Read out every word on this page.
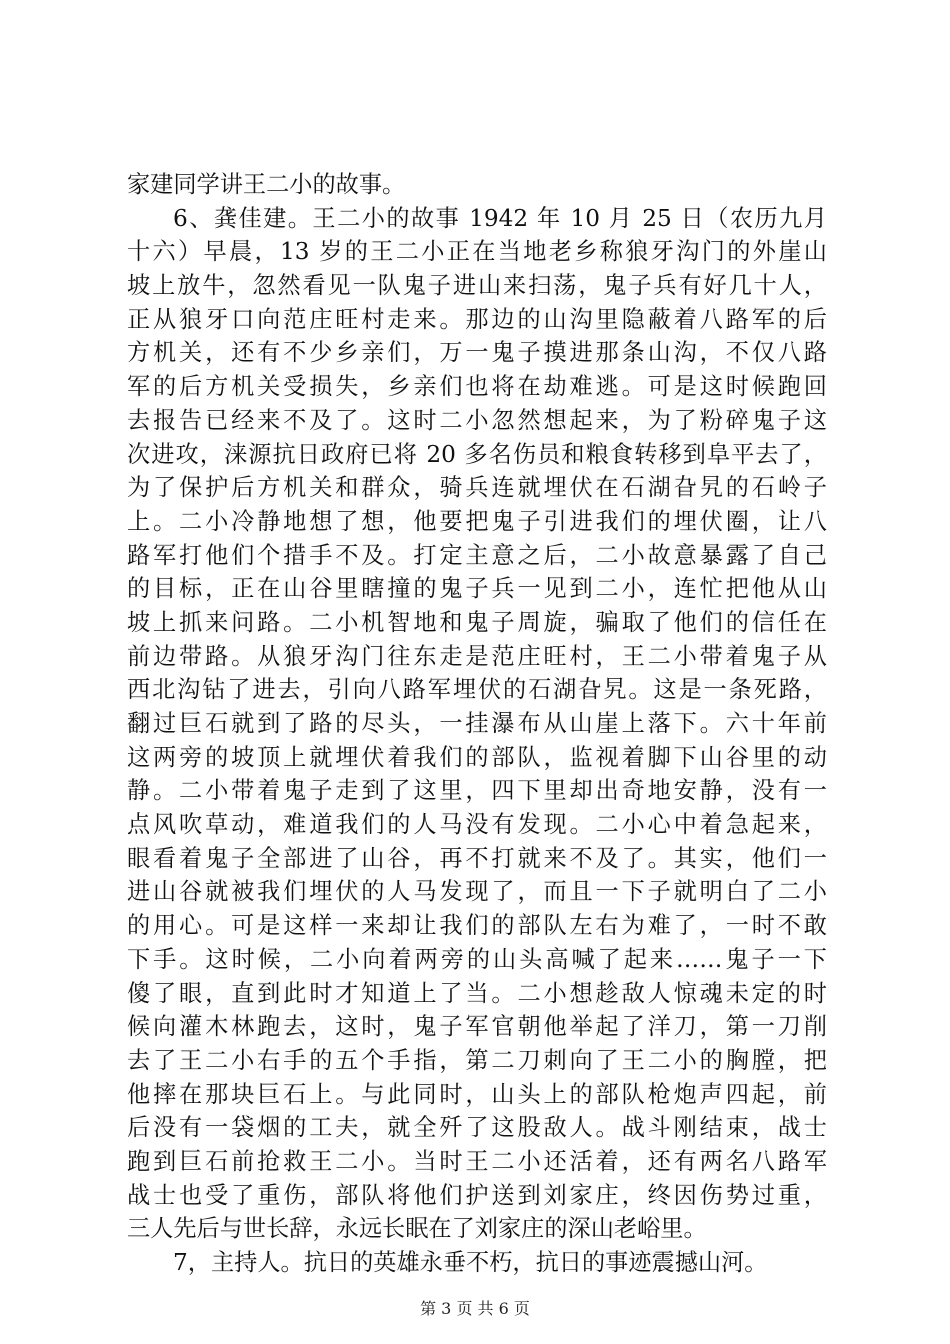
家建同学讲王二小的故事。
6、龚佳建。王二小的故事 1942 年 10 月 25 日（农历九月
十六）早晨，13 岁的王二小正在当地老乡称狼牙沟门的外崖山
坡上放牛，忽然看见一队鬼子进山来扫荡，鬼子兵有好几十人，
正从狼牙口向范庄旺村走来。那边的山沟里隐蔽着八路军的后
方机关，还有不少乡亲们，万一鬼子摸进那条山沟，不仅八路
军的后方机关受损失，乡亲们也将在劫难逃。可是这时候跑回
去报告已经来不及了。这时二小忽然想起来，为了粉碎鬼子这
次进攻，涞源抗日政府已将 20 多名伤员和粮食转移到阜平去了，
为了保护后方机关和群众，骑兵连就埋伏在石湖旮旯的石岭子
上。二小冷静地想了想，他要把鬼子引进我们的埋伏圈，让八
路军打他们个措手不及。打定主意之后，二小故意暴露了自己
的目标，正在山谷里瞎撞的鬼子兵一见到二小，连忙把他从山
坡上抓来问路。二小机智地和鬼子周旋，骗取了他们的信任在
前边带路。从狼牙沟门往东走是范庄旺村，王二小带着鬼子从
西北沟钻了进去，引向八路军埋伏的石湖旮旯。这是一条死路，
翻过巨石就到了路的尽头，一挂瀑布从山崖上落下。六十年前
这两旁的坡顶上就埋伏着我们的部队，监视着脚下山谷里的动
静。二小带着鬼子走到了这里，四下里却出奇地安静，没有一
点风吹草动，难道我们的人马没有发现。二小心中着急起来，
眼看着鬼子全部进了山谷，再不打就来不及了。其实，他们一
进山谷就被我们埋伏的人马发现了，而且一下子就明白了二小
的用心。可是这样一来却让我们的部队左右为难了，一时不敢
下手。这时候，二小向着两旁的山头高喊了起来……鬼子一下
傻了眼，直到此时才知道上了当。二小想趁敌人惊魂未定的时
候向灌木林跑去，这时，鬼子军官朝他举起了洋刀，第一刀削
去了王二小右手的五个手指，第二刀刺向了王二小的胸膛，把
他摔在那块巨石上。与此同时，山头上的部队枪炮声四起，前
后没有一袋烟的工夫，就全歼了这股敌人。战斗刚结束，战士
跑到巨石前抢救王二小。当时王二小还活着，还有两名八路军
战士也受了重伤，部队将他们护送到刘家庄，终因伤势过重，
三人先后与世长辞，永远长眠在了刘家庄的深山老峪里。
7，主持人。抗日的英雄永垂不朽，抗日的事迹震撼山河。
第 3 页 共 6 页
